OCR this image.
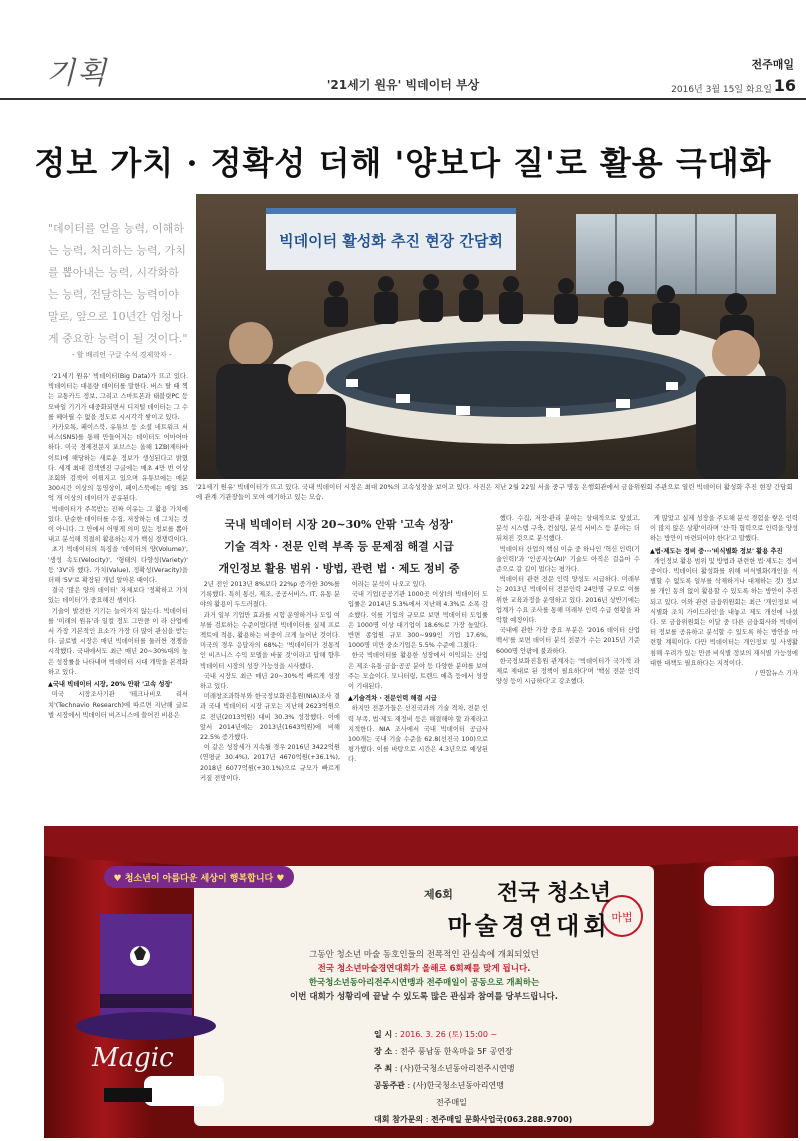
기획	'21세기 원유' 빅데이터 부상
전주매일
2016년 3월 15일 화요일 16
정보 가치 · 정확성 더해 '양보다 질'로 활용 극대화
"데이터를 얻을 능력, 이해하는 능력, 처리하는 능력, 가치를 뽑아내는 능력, 시각화하는 능력, 전달하는 능력이야말로, 앞으로 10년간 엄청나게 중요한 능력이 될 것이다."
- 할 배리언 구글 수석 경제학자 -
빅데이터 활성화 추진 현장 간담회
'21세기 원유' 빅데이터가 뜨고 있다. 국내 빅데이터 시장은 최대 20%의 고속성장을 보이고 있다. 사진은 지난 2월 22일 서울 중구 명동 은행회관에서 금융위원회 주관으로 열린 빅데이터 활성화 추진 현장 간담회에 관계 기관장들이 모여 얘기하고 있는 모습.
국내 빅데이터 시장 20~30% 안팎 '고속 성장'
기술 격차 · 전문 인력 부족 등 문제점 해결 시급
개인정보 활용 범위 · 방법, 관련 법 · 제도 정비 중

'21세기 원유' 빅데이터(Big Data)가 뜨고 있다. 빅데이터는 대용량 데이터를 말한다. 버스 탈 때 찍는 교통카드 정보, 그리고 스마트폰과 태블릿PC 등 모바일 기기가 대중화되면서 디지털 데이터는 그 수를 헤아릴 수 없을 정도로 시시각각 쌓이고 있다.

카카오톡, 페이스북, 유튜브 등 소셜 네트워크 서비스(SNS)를 통해 만들어지는 데이터도 어마어마하다. 미국 경제전문지 포브스는 올해 1ZB(제타바이트)에 해당하는 새로운 정보가 생성된다고 밝혔다. 세계 최대 검색엔진 구글에는 매초 4만 번 이상 조회와 검색이 이뤄지고 있으며 유튜브에는 매분 300시간 이상의 동영상이, 페이스북에는 매일 35억 개 이상의 데이터가 공유된다.

빅데이터가 주목받는 진짜 이유는 그 활용 가치에 있다. 단순한 데이터를 수집, 저장하는 데 그치는 것이 아니다. 그 안에서 어떻게 의미 있는 정보를 뽑아내고 분석해 적절히 활용하는지가 핵심 경쟁력이다.

초기 빅데이터의 특징을 '데이터의 양(Volume)', '생성 속도(Velocity)', '형태의 다양성(Variety)' 등 '3V'라 했다. 가치(Value), 정확성(Veracity)을 더해 '5V'로 확장된 개념 알아본 때이다.

결국 '많은 양의 데이터' 자체보다 '정확하고 가치 있는 데이터'가 중요해진 셈이다.

기술이 발전한 기기는 늘어가지 않는다. 빅데이터를 '미래의 원유'라 일컬 정도 그만큼 이 라 산업에서 가장 기본적인 요소가 가장 더 많이 관심을 받는다. 글로벌 시장은 매년 빅데이터를 둘러싼 경쟁을 시작했다. 국내에서도 최근 매년 20~30%대의 높은 성장률을 나타내며 빅데이터 시대 개막을 본격화하고 있다.

▲국내 빅데이터 시장, 20% 안팎 '고속 성장'

미국 시장조사기관 '테크나비오 리서치'(Technavio Research)에 따르면 지난해 글로벌 시장에서 빅데이터 비즈니스에 쓸어진 비용은

2년 전인 2013년 8%보다 22%p 증가한 30%를 기록했다. 특히 통신, 제조, 공공서비스, IT, 유통 분야의 활용이 두드러졌다.

과거 일부 기업만 효과를 시험 운영하거나 도입 여부를 검토하는 수준이었다면 빅데이터를 실제 프로젝트에 적용, 활용하는 비중이 크게 늘어난 것이다. 미국의 경우 응답자의 68%는 '빅데이터가 전통적인 비즈니스 수익 모델을 바꿀 것'이라고 답해 향후 빅데이터 시장의 성장 가능성을 시사했다.

국내 시장도 최근 매년 20~30%씩 빠르게 성장하고 있다.

미래창조과학부와 한국정보화진흥원(NIA)조사 결과 국내 빅데이터 시장 규모는 지난해 2623억원으로 전년(2013억원) 대비 30.3% 성장했다. 이에 앞서 2014년에는 2013년(1643억원)에 비해 22.5% 증가했다.

이 같은 성장세가 지속될 경우 2016년 3422억원(연평균 30.4%), 2017년 4670억원(+36.1%), 2018년 6077억원(+30.1%)으로 규모가 빠르게 커질 전망이다.

이라는 분석이 나오고 있다.

국내 기업(공공기관 1000곳 이상)의 빅데이터 도입률은 2014년 5.3%에서 지난해 4.3%로 소폭 감소했다. 이를 기업의 규모로 보면 빅데이터 도입률은 1000명 이상 대기업이 18.6%로 가장 높았다. 반면 종업원 규모 300~999인 기업 17.6%, 1000명 미만 중소기업은 5.5% 수준에 그쳤다.

한국 빅데이터를 활용한 성장에서 이익되는 산업은 제조·유통·금융·공공 분야 등 다양한 분야를 보여주는 모습이다. 모니터링, 트렌드 예측 등에서 성장이 기대된다.

▲기술격차 · 전문인력 해결 시급

하지만 전문가들은 선진국과의 기술 격차, 전문 인력 부족, 법·제도 재정비 등은 해결해야 할 과제라고 지적한다. NIA 조사에서 국내 빅데이터 공급사 100개는 국내 기술 수준을 62.8(선진국 100)으로 평가했다. 이를 바탕으로 시간은 4.3년으로 예상된다.

했다. 수집, 저장·관리 분야는 상대적으로 앞섰고, 분석 시스템 구축, 컨설팅, 분석 서비스 등 분야는 더 뒤쳐진 것으로 분석했다.

빅데이터 산업의 핵심 이슈 중 하나인 '혁신 인력(기술인력)'과 '인공지능(AI)' 기술도 아직은 걸음마 수준으로 갈 길이 멀다는 평가다.

빅데이터 관련 전문 인력 양성도 시급하다. 미래부는 2013년 빅데이터 전문인력 24만명 규모로 이를 위한 교육과정을 운영하고 있다. 2016년 상반기에는 업계가 수요 조사를 통해 미래부 인력 수급 현황을 파악할 예정이다.

국내에 관한 가장 중요 부분은 '2016 데이터 산업백서'를 보면 데이터 분석 전문가 수는 2015년 기준 6000명 안팎에 불과하다.

한국정보화진흥원 관계자는 '빅데이터가 국가적 과제로 제대로 된 정책이 필요하다'며 '핵심 전문 인력 양성 등이 시급하다'고 강조했다.

게 많았고 실제 성장을 주도해 분석 경험을 쌓은 인력이 많지 않은 상황'이라며 '산·학 협력으로 인력을 양성하는 방안이 마련되어야 한다'고 말했다.

▲법·제도는 정비 중···'비식별화 정보' 활용 추진

개인정보 활용 범위 및 방법과 관련한 법·제도는 정비 중이다. 빅데이터 활성화를 위해 비식별화(개인을 식별할 수 없도록 일부를 삭제하거나 대체하는 것) 정보를 개인 동의 없이 활용할 수 있도록 하는 방안이 추진되고 있다. 이와 관련 금융위원회는 최근 '개인정보 비식별화 조치 가이드라인'을 내놓고 제도 개선에 나섰다. 또 금융위원회는 이달 중 다른 금융회사와 빅데이터 정보를 공유하고 분석할 수 있도록 하는 방안을 마련할 계획이다. 다만 빅데이터는 개인정보 및 사생활 침해 우려가 있는 만큼 비식별 정보의 재식별 가능성에 대한 대책도 필요하다는 지적이다.

/ 연합뉴스 기자

♥ 청소년이 아름다운 세상이 행복합니다 ♥
Magic
마법
제6회	전국 청소년
마술경연대회
그동안 청소년 마술 동호인들의 전폭적인 관심속에 개최되었던
전국 청소년마술경연대회가 올해로 6회째를 맞게 됩니다.
한국청소년동아리전주시연맹과 전주매일이 공동으로 개최하는
이번 대회가 성황리에 끝날 수 있도록 많은 관심과 참여를 당부드립니다.
일 시 : 2016. 3. 26 (토) 15:00 ~
장 소 : 전주 풍남동 한옥마을 5F 공연장
주 최 : (사)한국청소년동아리전주시연맹
공동주관 : (사)한국청소년동아리연맹
전주매일
대회 참가문의 : 전주매일 문화사업국(063.288.9700)
